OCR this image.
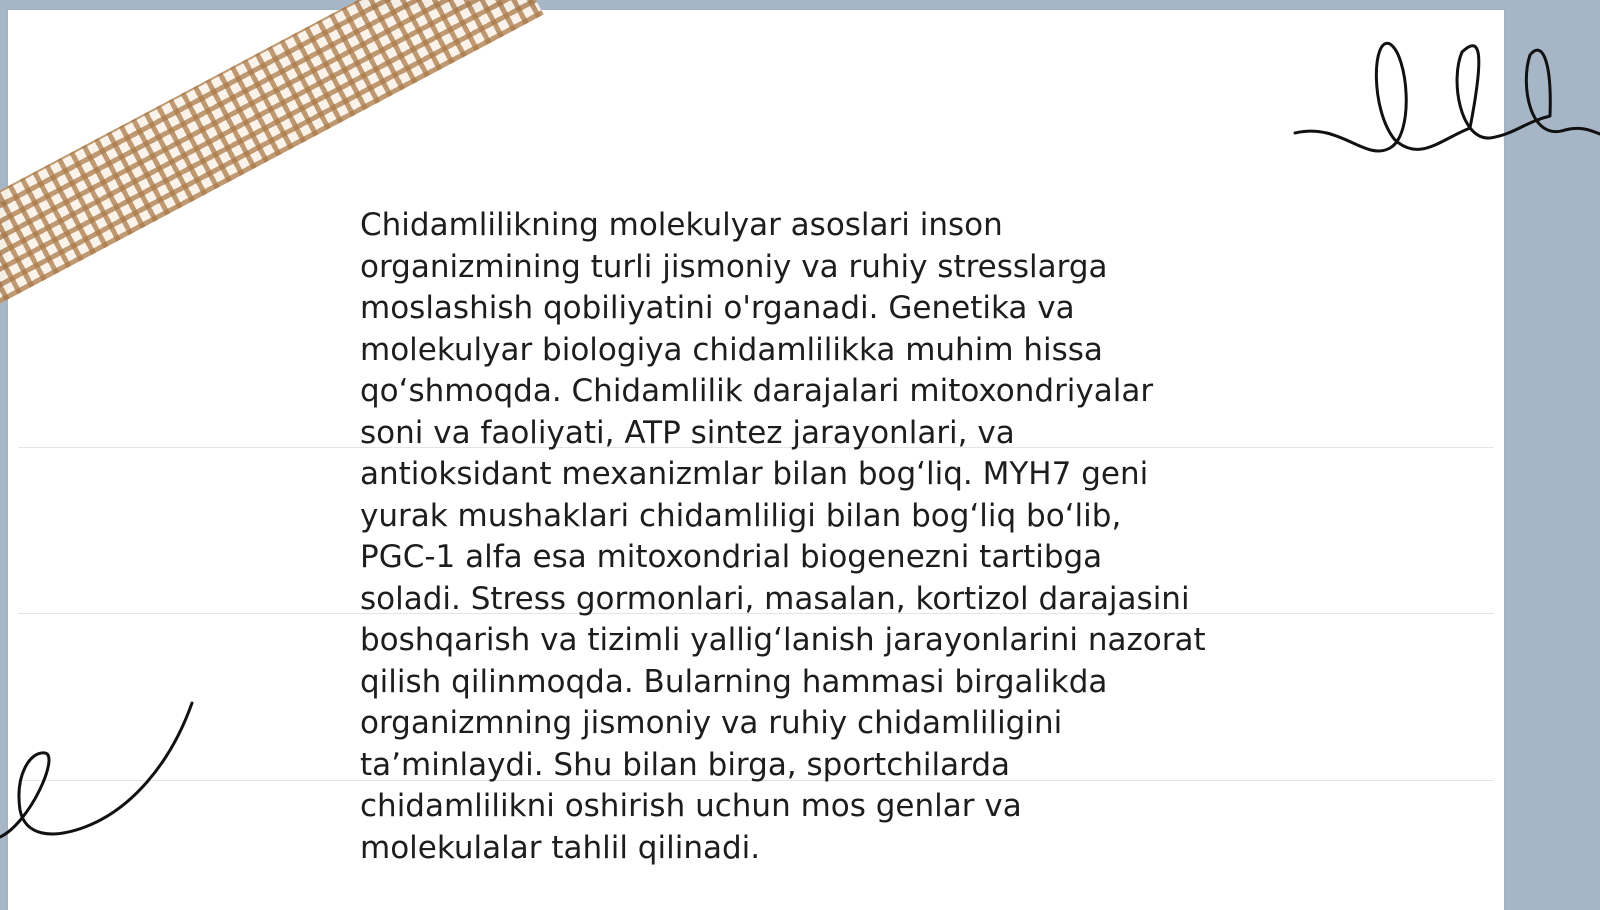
Chidamlilikning molekulyar asoslari inson
organizmining turli jismoniy va ruhiy stresslarga
moslashish qobiliyatini o'rganadi. Genetika va
molekulyar biologiya chidamlilikka muhim hissa
qo‘shmoqda. Chidamlilik darajalari mitoxondriyalar
soni va faoliyati, ATP sintez jarayonlari, va
antioksidant mexanizmlar bilan bog‘liq. MYH7 geni
yurak mushaklari chidamliligi bilan bog‘liq bo‘lib,
PGC-1 alfa esa mitoxondrial biogenezni tartibga
soladi. Stress gormonlari, masalan, kortizol darajasini
boshqarish va tizimli yallig‘lanish jarayonlarini nazorat
qilish qilinmoqda. Bularning hammasi birgalikda
organizmning jismoniy va ruhiy chidamliligini
ta’minlaydi. Shu bilan birga, sportchilarda
chidamlilikni oshirish uchun mos genlar va
molekulalar tahlil qilinadi.
